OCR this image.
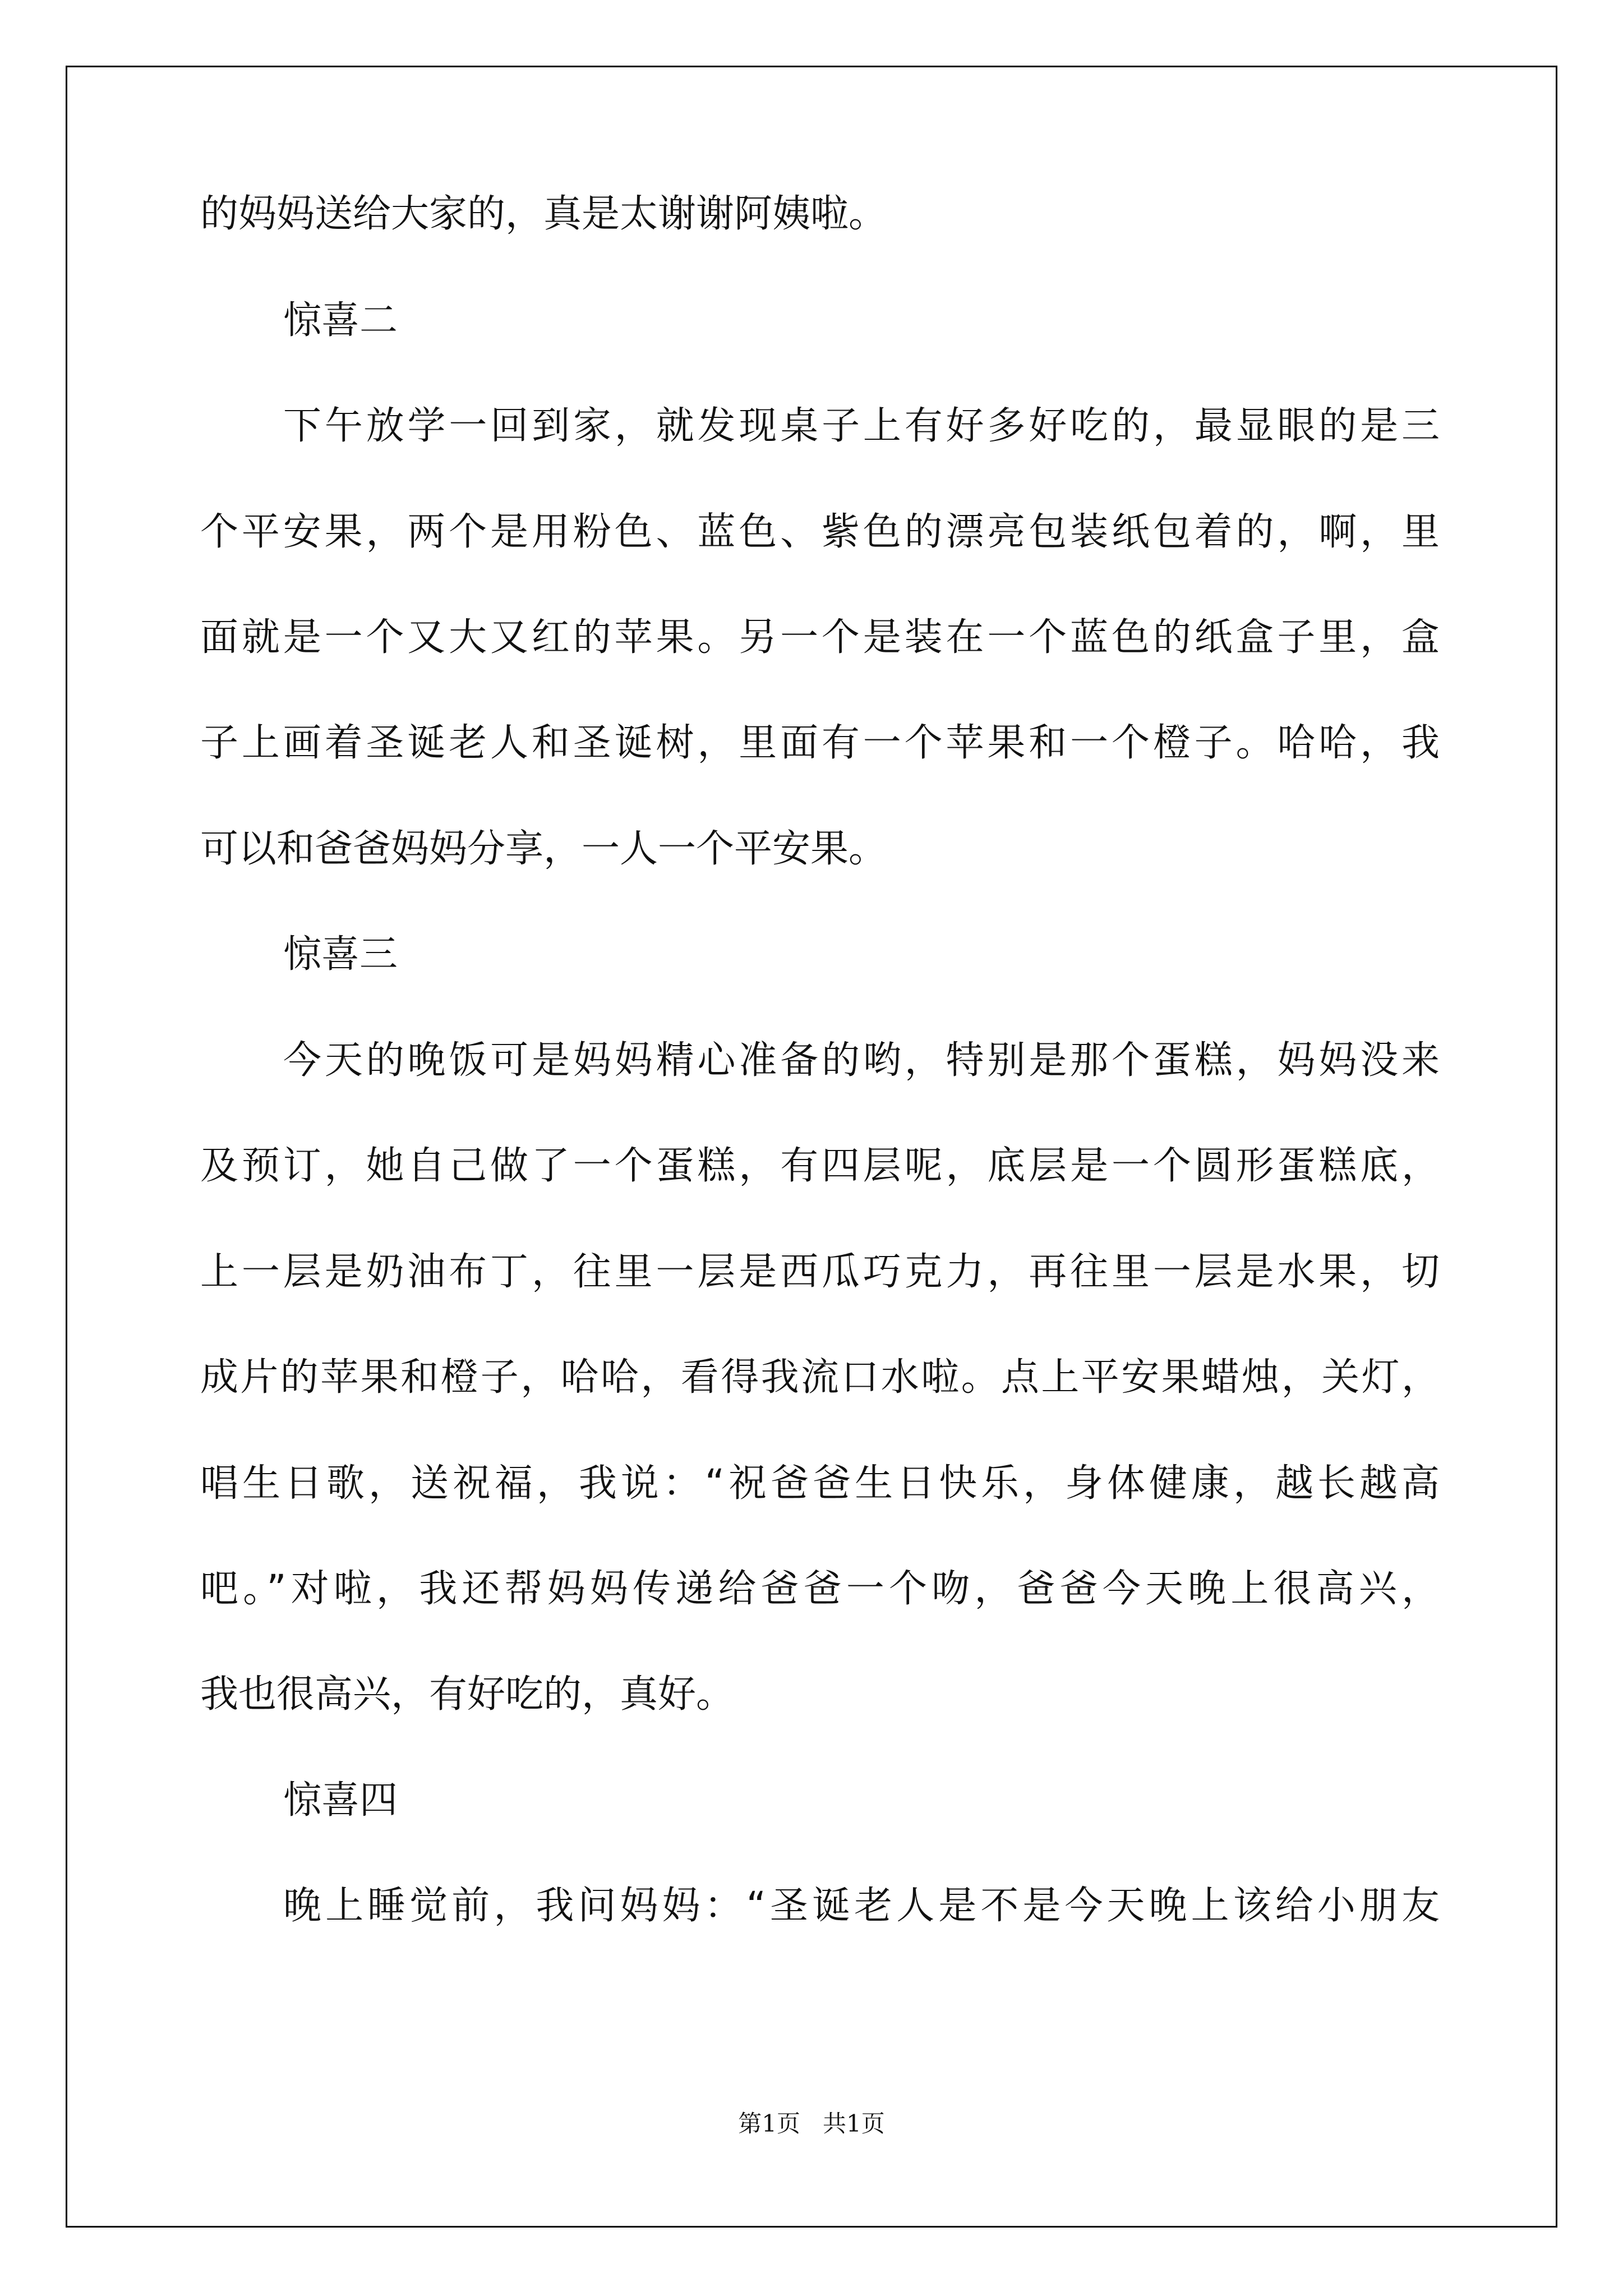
的妈妈送给大家的，真是太谢谢阿姨啦。
惊喜二
下午放学一回到家，就发现桌子上有好多好吃的，最显眼的是三
个平安果，两个是用粉色、蓝色、紫色的漂亮包装纸包着的，啊，里
面就是一个又大又红的苹果。另一个是装在一个蓝色的纸盒子里，盒
子上画着圣诞老人和圣诞树，里面有一个苹果和一个橙子。哈哈，我
可以和爸爸妈妈分享，一人一个平安果。
惊喜三
今天的晚饭可是妈妈精心准备的哟，特别是那个蛋糕，妈妈没来
及预订，她自己做了一个蛋糕，有四层呢，底层是一个圆形蛋糕底，
上一层是奶油布丁，往里一层是西瓜巧克力，再往里一层是水果，切
成片的苹果和橙子，哈哈，看得我流口水啦。点上平安果蜡烛，关灯，
唱生日歌，送祝福，我说：“祝爸爸生日快乐，身体健康，越长越高
吧。”对啦，我还帮妈妈传递给爸爸一个吻，爸爸今天晚上很高兴，
我也很高兴，有好吃的，真好。
惊喜四
晚上睡觉前，我问妈妈：“圣诞老人是不是今天晚上该给小朋友
第1页   共1页
